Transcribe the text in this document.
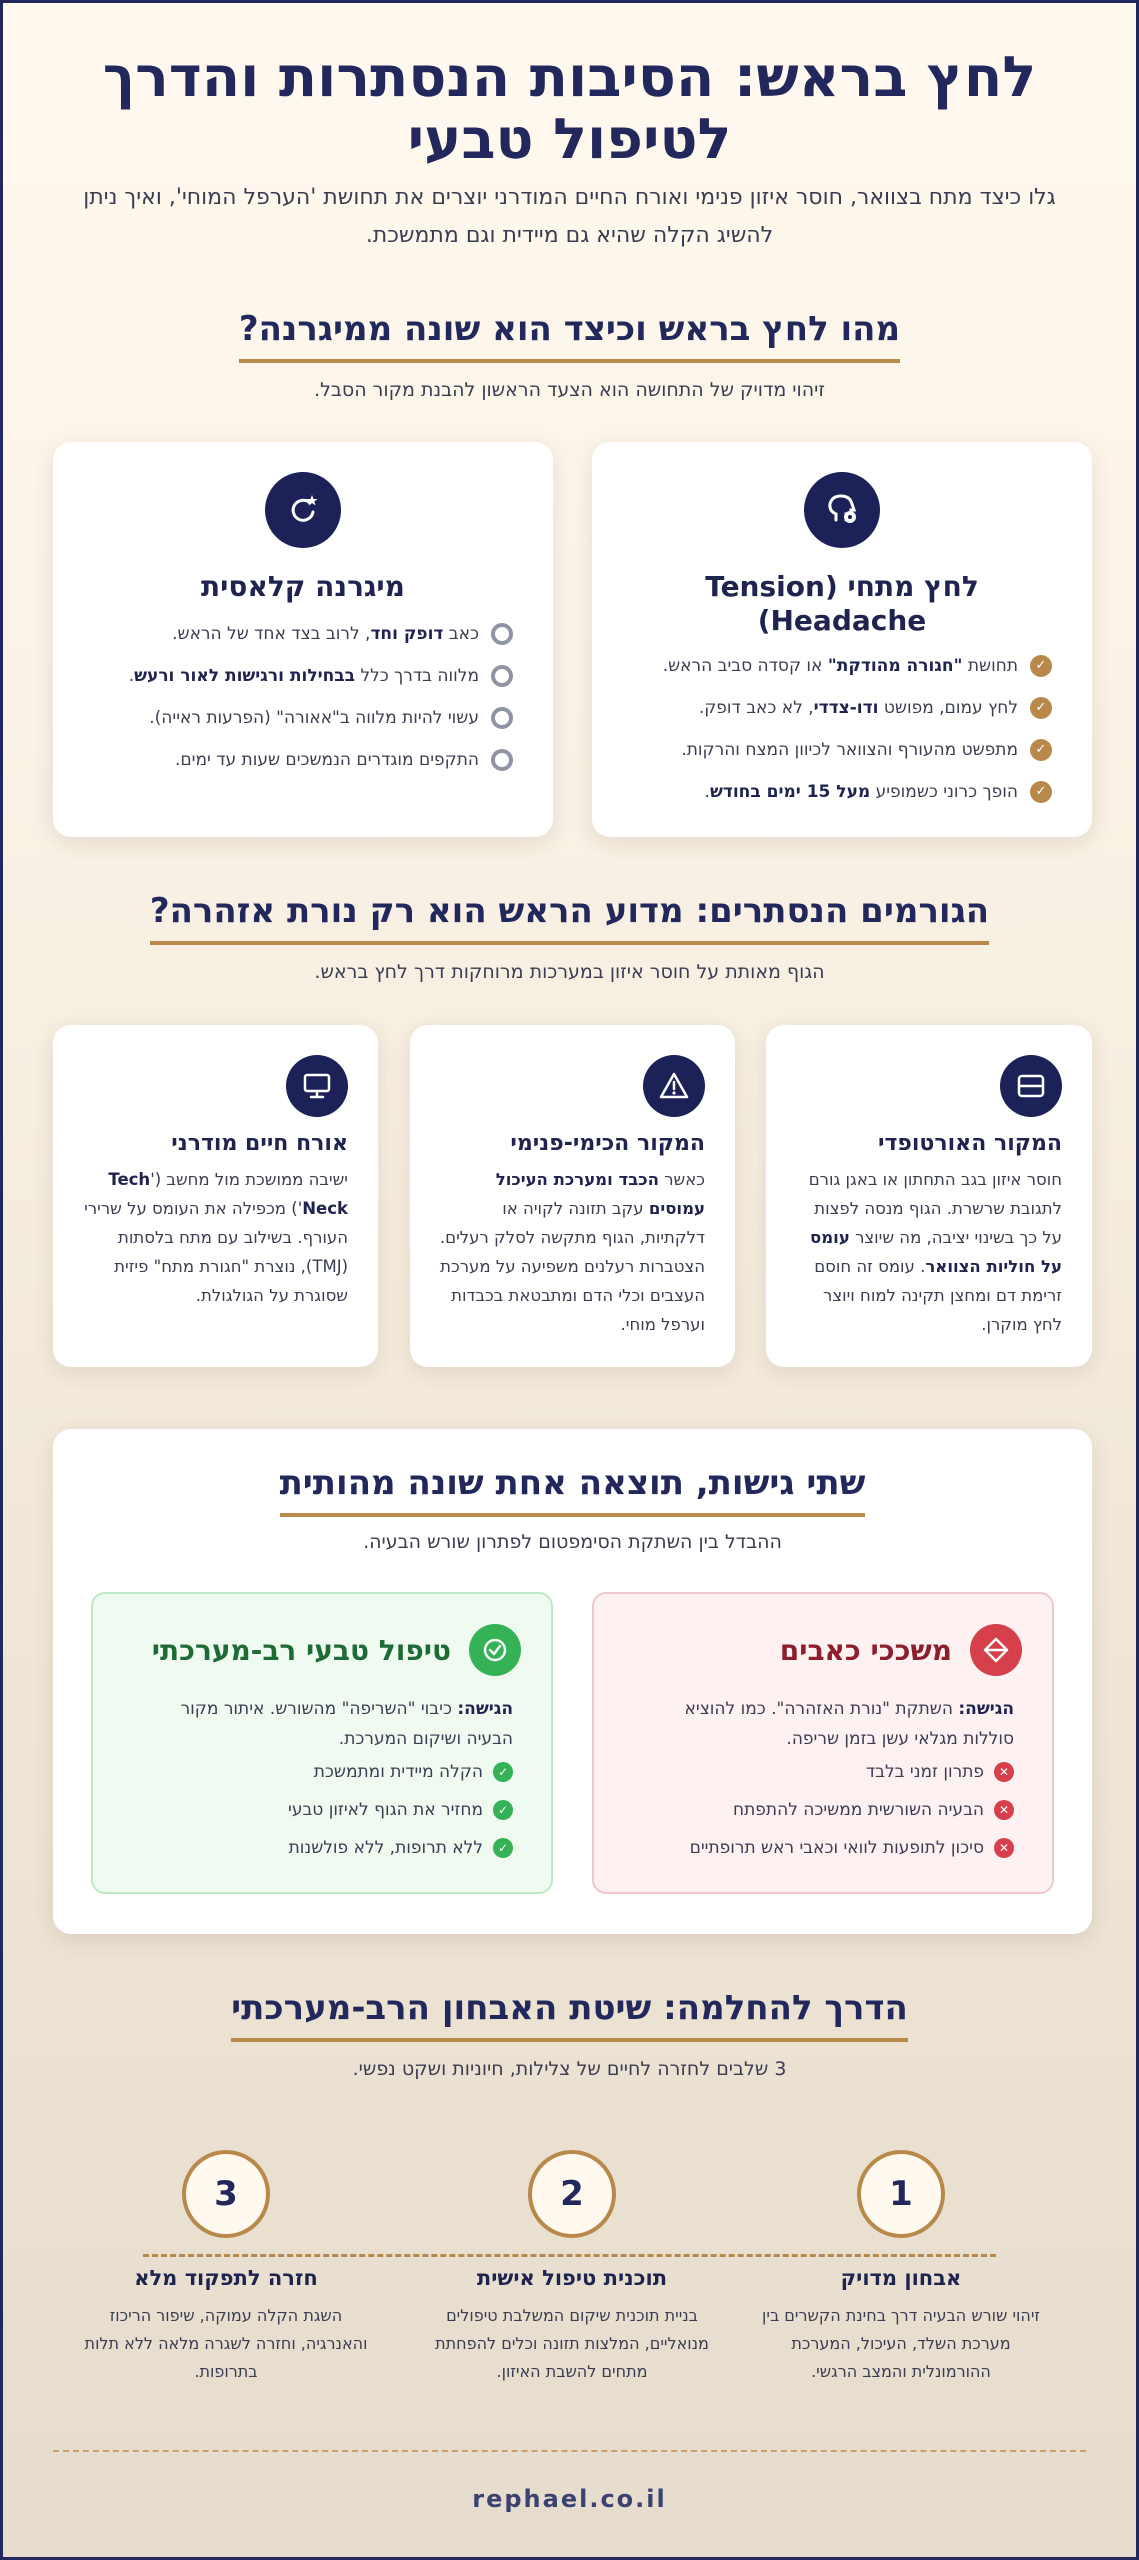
לחץ בראש: הסיבות הנסתרות והדרך לטיפול טבעי

גלו כיצד מתח בצוואר, חוסר איזון פנימי ואורח החיים המודרני יוצרים את תחושת 'הערפל המוחי', ואיך ניתן להשיג הקלה שהיא גם מיידית וגם מתמשכת.

מהו לחץ בראש וכיצד הוא שונה ממיגרנה?
זיהוי מדויק של התחושה הוא הצעד הראשון להבנת מקור הסבל.
לחץ מתחי (Tension Headache)
✓
תחושת "חגורה מהודקת" או קסדה סביב הראש.
✓
לחץ עמום, מפושט ודו-צדדי, לא כאב דופק.
✓
מתפשט מהעורף והצוואר לכיוון המצח והרקות.
✓
הופך כרוני כשמופיע מעל 15 ימים בחודש.
מיגרנה קלאסית
כאב דופק וחד, לרוב בצד אחד של הראש.
מלווה בדרך כלל בבחילות ורגישות לאור ורעש.
עשוי להיות מלווה ב"אאורה" (הפרעות ראייה).
התקפים מוגדרים הנמשכים שעות עד ימים.
הגורמים הנסתרים: מדוע הראש הוא רק נורת אזהרה?
הגוף מאותת על חוסר איזון במערכות מרוחקות דרך לחץ בראש.
המקור האורטופדי

חוסר איזון בגב התחתון או באגן גורם לתגובת שרשרת. הגוף מנסה לפצות על כך בשינוי יציבה, מה שיוצר עומס על חוליות הצוואר. עומס זה חוסם זרימת דם ומחצן תקינה למוח ויוצר לחץ מוקרן.

המקור הכימי-פנימי

כאשר הכבד ומערכת העיכול עמוסים עקב תזונה לקויה או דלקתיות, הגוף מתקשה לסלק רעלים. הצטברות רעלנים משפיעה על מערכת העצבים וכלי הדם ומתבטאת בכבדות וערפל מוחי.

אורח חיים מודרני

ישיבה ממושכת מול מחשב ('Tech Neck') מכפילה את העומס על שרירי העורף. בשילוב עם מתח בלסתות (TMJ), נוצרת "חגורת מתח" פיזית שסוגרת על הגולגולת.

שתי גישות, תוצאה אחת שונה מהותית
ההבדל בין השתקת הסימפטום לפתרון שורש הבעיה.
משככי כאבים

הגישה: השתקת "נורת האזהרה". כמו להוציא סוללות מגלאי עשן בזמן שריפה.

✕
פתרון זמני בלבד
✕
הבעיה השורשית ממשיכה להתפתח
✕
סיכון לתופעות לוואי וכאבי ראש תרופתיים
טיפול טבעי רב-מערכתי

הגישה: כיבוי "השריפה" מהשורש. איתור מקור הבעיה ושיקום המערכת.

✓
הקלה מיידית ומתמשכת
✓
מחזיר את הגוף לאיזון טבעי
✓
ללא תרופות, ללא פולשנות
הדרך להחלמה: שיטת האבחון הרב-מערכתי
3 שלבים לחזרה לחיים של צלילות, חיוניות ושקט נפשי.
1
אבחון מדויק

זיהוי שורש הבעיה דרך בחינת הקשרים בין מערכת השלד, העיכול, המערכת ההורמונלית והמצב הרגשי.

2
תוכנית טיפול אישית

בניית תוכנית שיקום המשלבת טיפולים מנואליים, המלצות תזונה וכלים להפחתת מתחים להשבת האיזון.

3
חזרה לתפקוד מלא

השגת הקלה עמוקה, שיפור הריכוז והאנרגיה, וחזרה לשגרה מלאה ללא תלות בתרופות.

rephael.co.il
